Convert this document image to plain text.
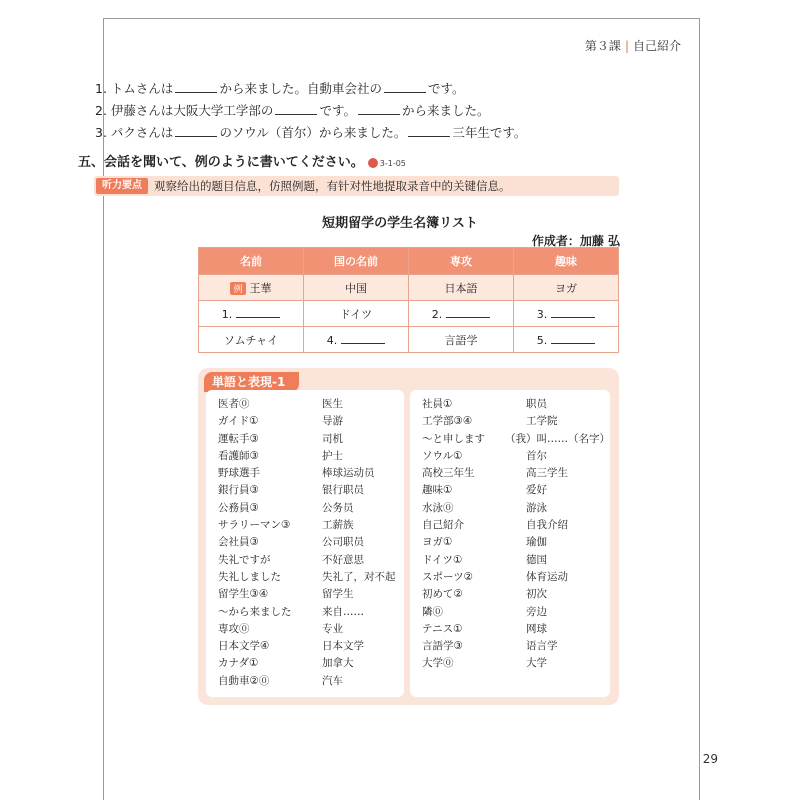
第３課 | 自己紹介
1. トムさんは	から来ました。自動車会社の	です。
2. 伊藤さんは大阪大学工学部の	です。	から来ました。
3. パクさんは	のソウル（首尔）から来ました。	三年生です。
五、会話を聞いて、例のように書いてください。 3-1-05
听力要点 观察给出的题目信息，仿照例题，有针对性地提取录音中的关键信息。
短期留学の学生名簿リスト
作成者：加藤 弘
名前	国の名前	専攻	趣味
例 王華	中国	日本語	ヨガ
1.	ドイツ	2.	3.
ソムチャイ	4.	言語学	5.
単語と表現-1
医者⓪	医生
ガイド①	导游
運転手③	司机
看護師③	护士
野球選手	棒球运动员
銀行員③	银行职员
公務員③	公务员
サラリーマン③	工薪族
会社員③	公司职员
失礼ですが	不好意思
失礼しました	失礼了，对不起
留学生③④	留学生
～から来ました	来自……
専攻⓪	专业
日本文学④	日本文学
カナダ①	加拿大
自動車②⓪	汽车
社員①	职员
工学部③④	工学院
～と申します	（我）叫……（名字）
ソウル①	首尔
高校三年生	高三学生
趣味①	爱好
水泳⓪	游泳
自己紹介	自我介绍
ヨガ①	瑜伽
ドイツ①	德国
スポーツ②	体育运动
初めて②	初次
隣⓪	旁边
テニス①	网球
言語学③	语言学
大学⓪	大学
29
